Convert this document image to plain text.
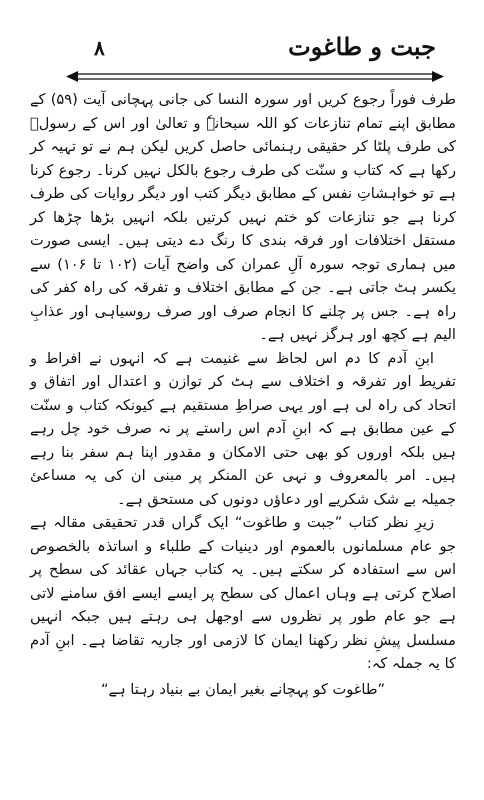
جبت و طاغوت
۸

طرف فوراً رجوع کریں اور سورہ النسا کی جانی پہچانی آیت (۵۹) کے مطابق اپنے تمام تنازعات کو اللہ سبحانہٗ و تعالیٰ اور اس کے رسولؐ کی طرف پلٹا کر حقیقی رہنمائی حاصل کریں لیکن ہم نے تو تہیہ کر رکھا ہے کہ کتاب و سنّت کی طرف رجوع بالکل نہیں کرنا۔ رجوع کرنا ہے تو خواہشاتِ نفس کے مطابق دیگر کتب اور دیگر روایات کی طرف کرنا ہے جو تنازعات کو ختم نہیں کرتیں بلکہ انہیں بڑھا چڑھا کر مستقل اختلافات اور فرقہ بندی کا رنگ دے دیتی ہیں۔ ایسی صورت میں ہماری توجہ سورہ آلِ عمران کی واضح آیات (۱۰۲ تا ۱۰۶) سے یکسر ہٹ جاتی ہے۔ جن کے مطابق اختلاف و تفرقہ کی راہ کفر کی راہ ہے۔ جس پر چلنے کا انجام صرف اور صرف روسیاہی اور عذابِ الیم ہے کچھ اور ہرگز نہیں ہے۔

ابنِ آدم کا دم اس لحاظ سے غنیمت ہے کہ انہوں نے افراط و تفریط اور تفرقہ و اختلاف سے ہٹ کر توازن و اعتدال اور اتفاق و اتحاد کی راہ لی ہے اور یہی صراطِ مستقیم ہے کیونکہ کتاب و سنّت کے عین مطابق ہے کہ ابنِ آدم اس راستے پر نہ صرف خود چل رہے ہیں بلکہ اوروں کو بھی حتی الامکان و مقدور اپنا ہم سفر بنا رہے ہیں۔ امر بالمعروف و نہی عن المنکر پر مبنی ان کی یہ مساعیٔ جمیلہ بے شک شکریے اور دعاؤں دونوں کی مستحق ہے۔

زیرِ نظر کتاب ”جبت و طاغوت“ ایک گراں قدر تحقیقی مقالہ ہے جو عام مسلمانوں بالعموم اور دینیات کے طلباء و اساتذہ بالخصوص اس سے استفادہ کر سکتے ہیں۔ یہ کتاب جہاں عقائد کی سطح پر اصلاح کرتی ہے وہاں اعمال کی سطح پر ایسے ایسے افق سامنے لاتی ہے جو عام طور پر نظروں سے اوجھل ہی رہتے ہیں جبکہ انہیں مسلسل پیشِ نظر رکھنا ایمان کا لازمی اور جاریہ تقاضا ہے۔ ابنِ آدم کا یہ جملہ کہ:

”طاغوت کو پہچانے بغیر ایمان بے بنیاد رہتا ہے“
